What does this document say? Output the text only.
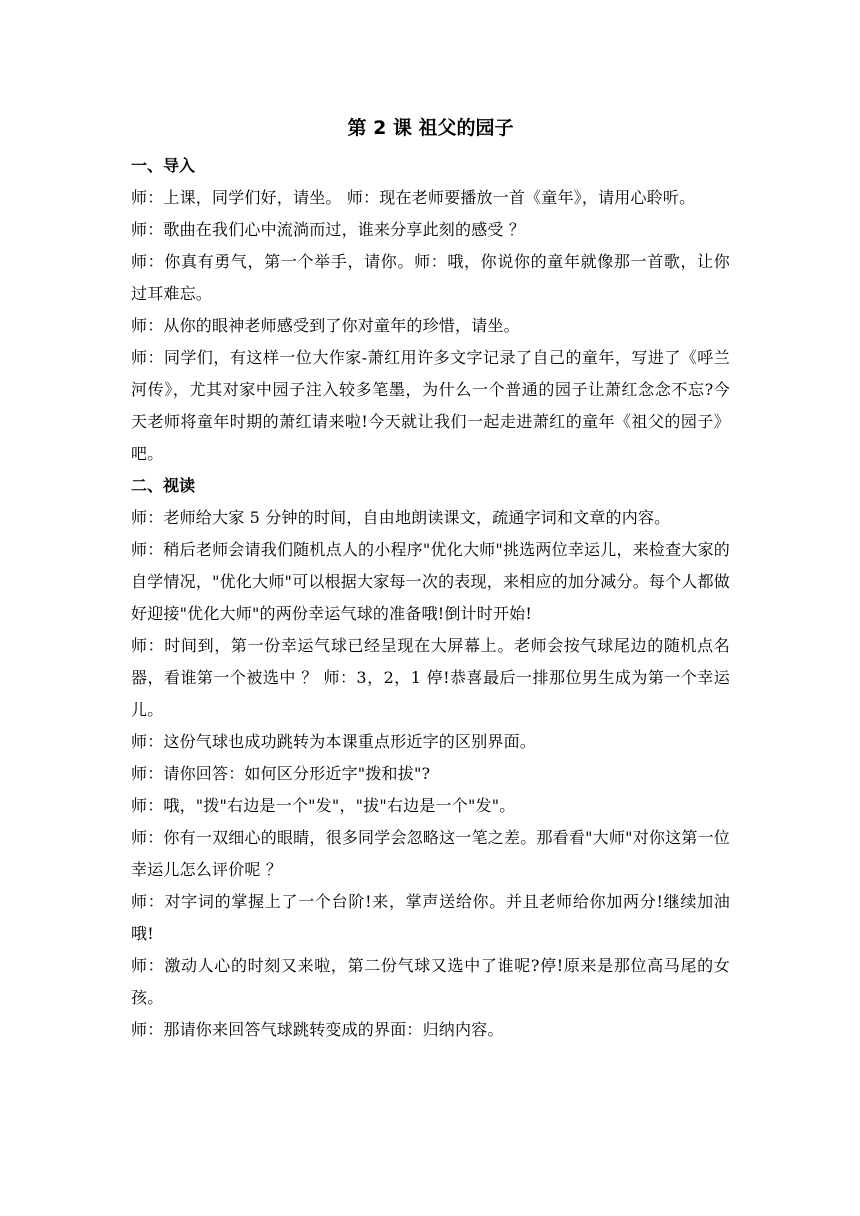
第 2 课 祖父的园子
一、导入
师：上课，同学们好，请坐。 师：现在老师要播放一首《童年》，请用心聆听。
师：歌曲在我们心中流淌而过，谁来分享此刻的感受 ？
师：你真有勇气，第一个举手，请你。师：哦，你说你的童年就像那一首歌，让你过耳难忘。
师：从你的眼神老师感受到了你对童年的珍惜，请坐。
师：同学们，有这样一位大作家-萧红用许多文字记录了自己的童年，写进了《呼兰河传》，尤其对家中园子注入较多笔墨，为什么一个普通的园子让萧红念念不忘?今天老师将童年时期的萧红请来啦!今天就让我们一起走进萧红的童年《祖父的园子》吧。
二、视读
师：老师给大家 5 分钟的时间，自由地朗读课文，疏通字词和文章的内容。
师：稍后老师会请我们随机点人的小程序"优化大师"挑选两位幸运儿，来检查大家的自学情况，"优化大师"可以根据大家每一次的表现，来相应的加分减分。每个人都做好迎接"优化大师"的两份幸运气球的准备哦!倒计时开始!
师：时间到，第一份幸运气球已经呈现在大屏幕上。老师会按气球尾边的随机点名器，看谁第一个被选中 ？ 师：3，2，1 停!恭喜最后一排那位男生成为第一个幸运儿。
师：这份气球也成功跳转为本课重点形近字的区别界面。
师：请你回答：如何区分形近字"拨和拔"?
师：哦，"拨"右边是一个"发"，"拔"右边是一个"发"。
师：你有一双细心的眼睛，很多同学会忽略这一笔之差。那看看"大师"对你这第一位幸运儿怎么评价呢 ？
师：对字词的掌握上了一个台阶!来，掌声送给你。并且老师给你加两分!继续加油哦!
师：激动人心的时刻又来啦，第二份气球又选中了谁呢?停!原来是那位高马尾的女孩。
师：那请你来回答气球跳转变成的界面：归纳内容。
